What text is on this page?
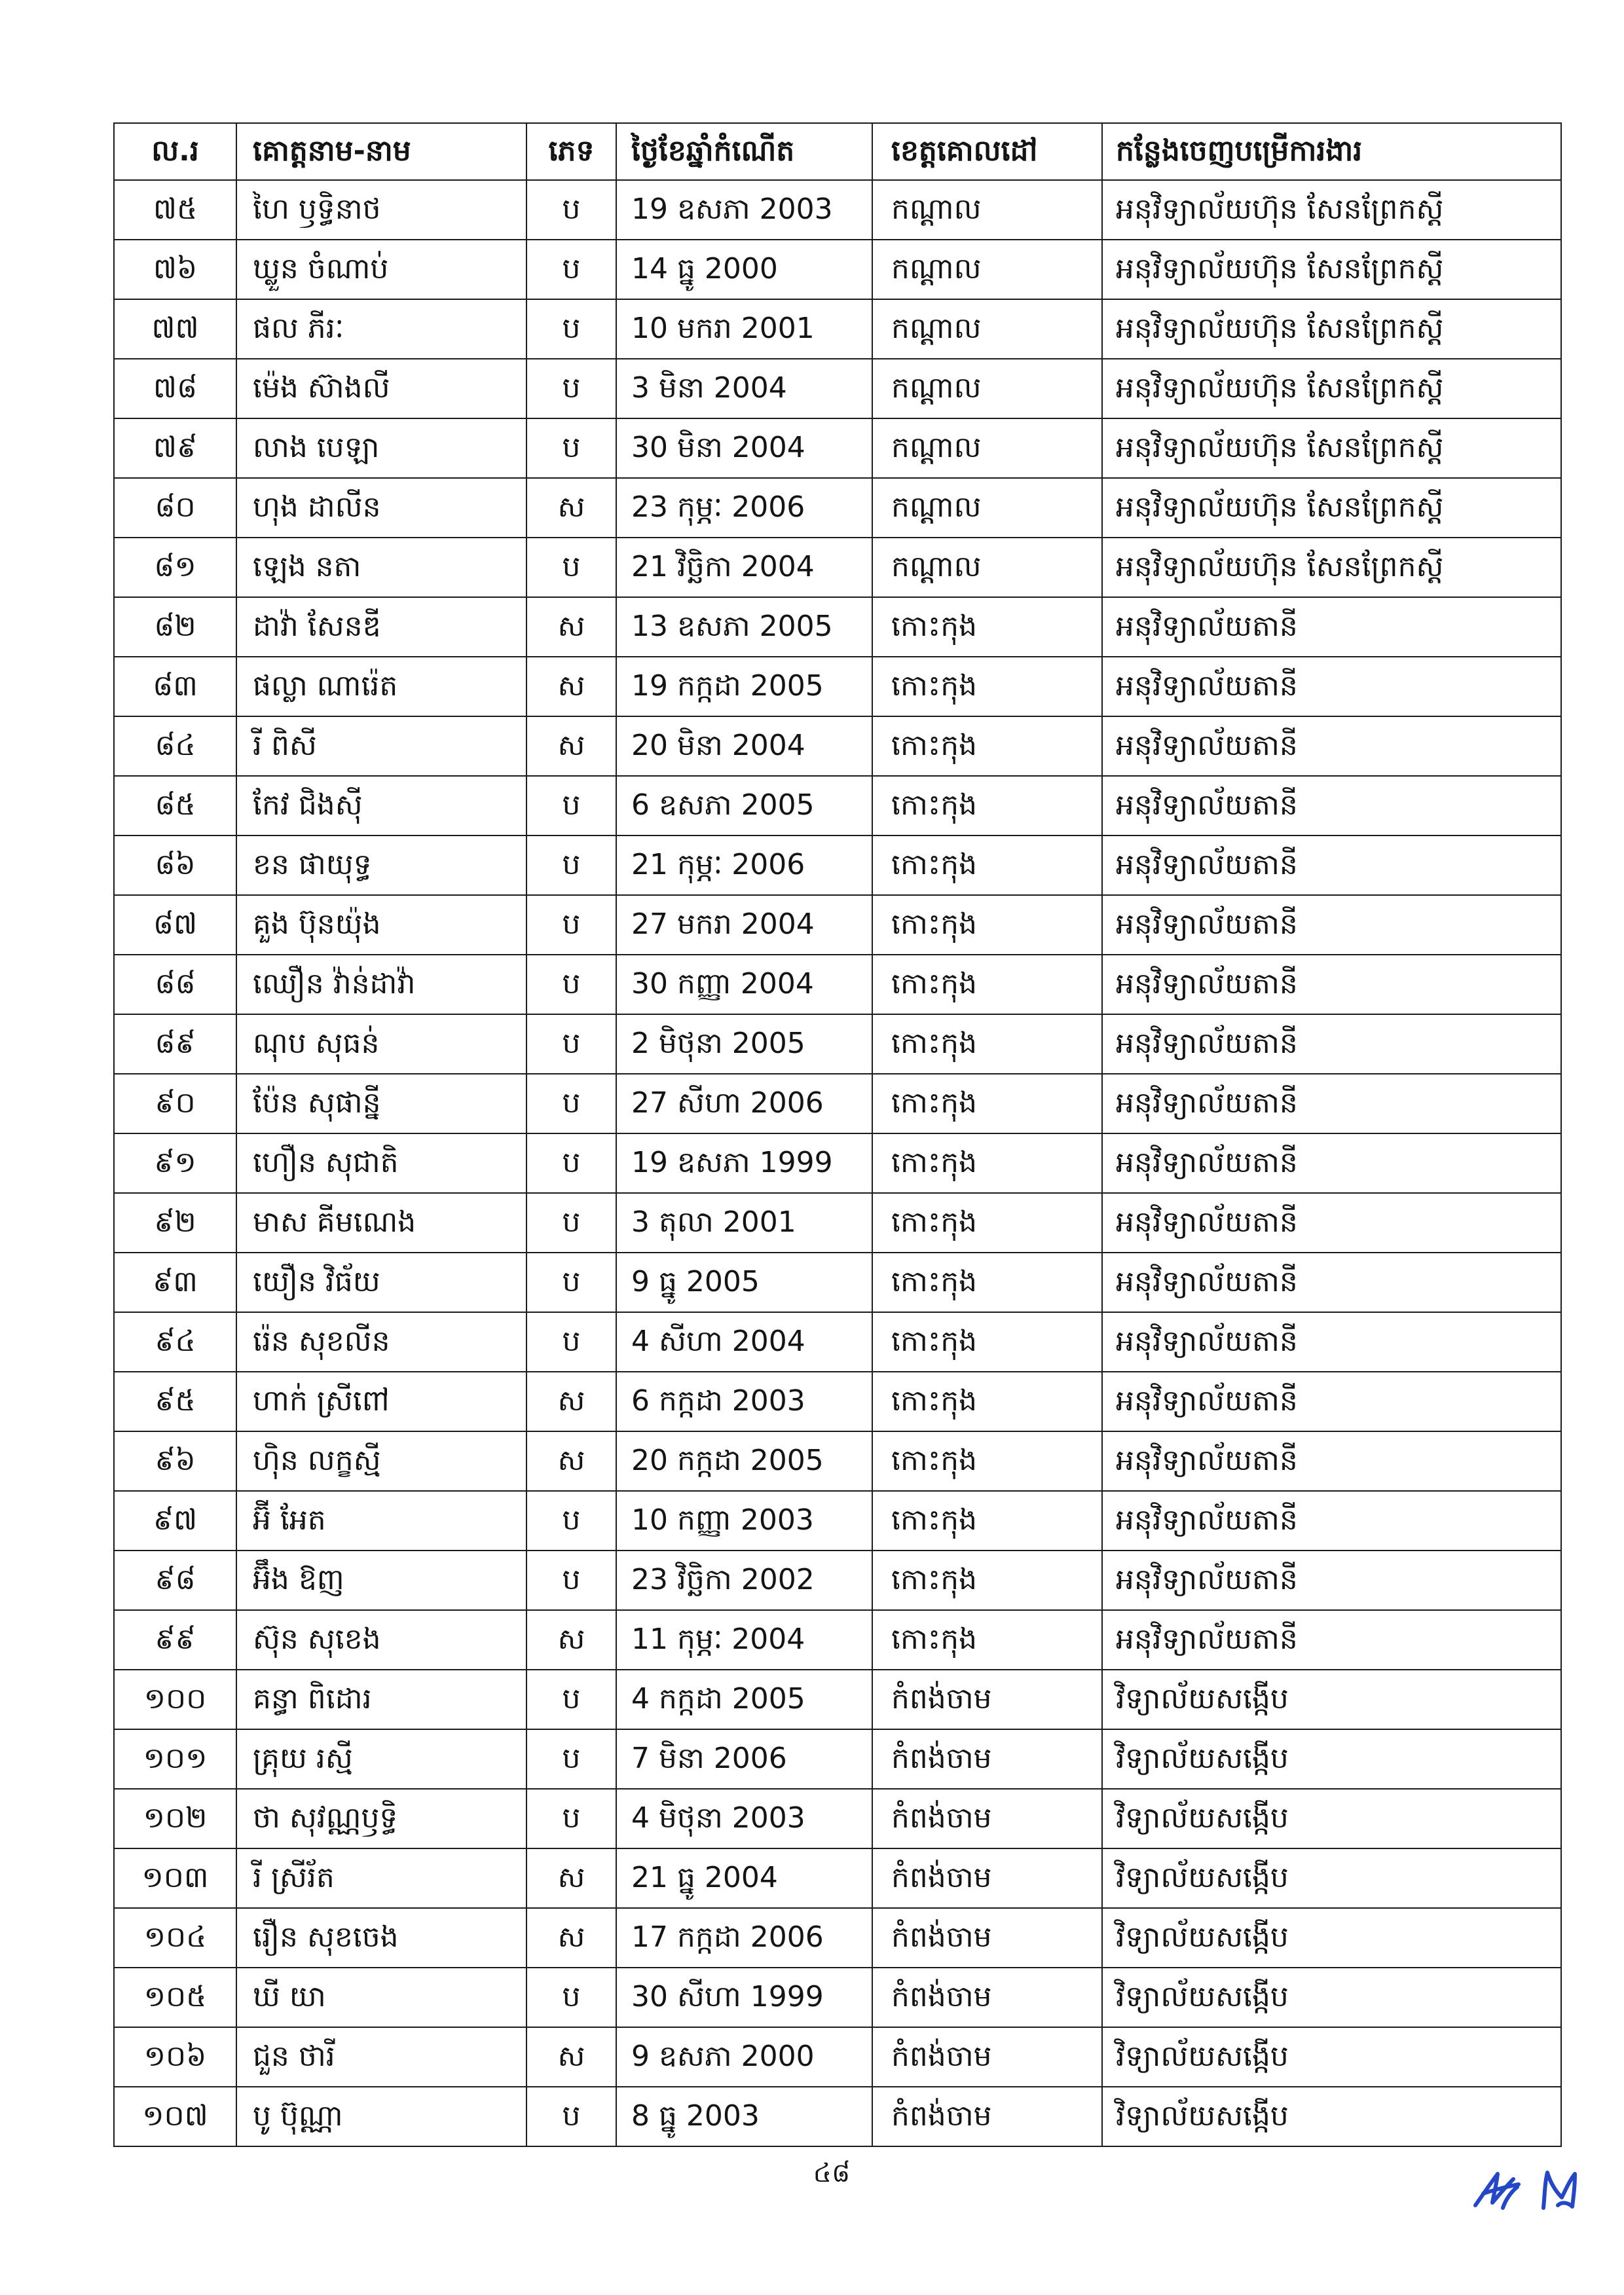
ល.រ	គោត្តនាម-នាម	ភេទ	ថ្ងៃខែឆ្នាំកំណើត	ខេត្តគោលដៅ	កន្លែងចេញបម្រើការងារ
៧៥	ហៃ ឫទ្ធិនាថ	ប	19 ឧសភា 2003	កណ្ដាល	អនុវិទ្យាល័យហ៊ុន សែនព្រែកស្តី
៧៦	ឃ្លួន ចំណាប់	ប	14 ធ្នូ 2000	កណ្ដាល	អនុវិទ្យាល័យហ៊ុន សែនព្រែកស្តី
៧៧	ផល ភីរៈ	ប	10 មករា 2001	កណ្ដាល	អនុវិទ្យាល័យហ៊ុន សែនព្រែកស្តី
៧៨	ម៉េង ស៊ាងលី	ប	3 មិនា 2004	កណ្ដាល	អនុវិទ្យាល័យហ៊ុន សែនព្រែកស្តី
៧៩	លាង បេឡា	ប	30 មិនា 2004	កណ្ដាល	អនុវិទ្យាល័យហ៊ុន សែនព្រែកស្តី
៨០	ហុង ដាលីន	ស	23 កុម្ភៈ 2006	កណ្ដាល	អនុវិទ្យាល័យហ៊ុន សែនព្រែកស្តី
៨១	ឡេង នតា	ប	21 វិច្ឆិកា 2004	កណ្ដាល	អនុវិទ្យាល័យហ៊ុន សែនព្រែកស្តី
៨២	ដាវ៉ា សែនឌី	ស	13 ឧសភា 2005	កោះកុង	អនុវិទ្យាល័យតានី
៨៣	ផល្លា ណារ៉េត	ស	19 កក្កដា 2005	កោះកុង	អនុវិទ្យាល័យតានី
៨៤	រី ពិសី	ស	20 មិនា 2004	កោះកុង	អនុវិទ្យាល័យតានី
៨៥	កែវ ជិងស៊ី	ប	6 ឧសភា 2005	កោះកុង	អនុវិទ្យាល័យតានី
៨៦	ខន ផាយុទ្ធ	ប	21 កុម្ភៈ 2006	កោះកុង	អនុវិទ្យាល័យតានី
៨៧	គួង ប៊ុនយ៉ុង	ប	27 មករា 2004	កោះកុង	អនុវិទ្យាល័យតានី
៨៨	ឈឿន វ៉ាន់ដាវ៉ា	ប	30 កញ្ញា 2004	កោះកុង	អនុវិទ្យាល័យតានី
៨៩	ណុប សុធន់	ប	2 មិថុនា 2005	កោះកុង	អនុវិទ្យាល័យតានី
៩០	ប៉ែន សុផាន្នី	ប	27 សីហា 2006	កោះកុង	អនុវិទ្យាល័យតានី
៩១	ហឿន សុជាតិ	ប	19 ឧសភា 1999	កោះកុង	អនុវិទ្យាល័យតានី
៩២	មាស គីមណេង	ប	3 តុលា 2001	កោះកុង	អនុវិទ្យាល័យតានី
៩៣	យឿន វិធ័យ	ប	9 ធ្នូ 2005	កោះកុង	អនុវិទ្យាល័យតានី
៩៤	រ៉េន សុខលីន	ប	4 សីហា 2004	កោះកុង	អនុវិទ្យាល័យតានី
៩៥	ហាក់ ស្រីពៅ	ស	6 កក្កដា 2003	កោះកុង	អនុវិទ្យាល័យតានី
៩៦	ហ៊ិន លក្ខស្មី	ស	20 កក្កដា 2005	កោះកុង	អនុវិទ្យាល័យតានី
៩៧	អ៊ី អែត	ប	10 កញ្ញា 2003	កោះកុង	អនុវិទ្យាល័យតានី
៩៨	អ៊ឹង ឱញ	ប	23 វិច្ឆិកា 2002	កោះកុង	អនុវិទ្យាល័យតានី
៩៩	ស៊ុន សុខេង	ស	11 កុម្ភៈ 2004	កោះកុង	អនុវិទ្យាល័យតានី
១០០	គន្ធា ពិដោរ	ប	4 កក្កដា 2005	កំពង់ចាម	វិទ្យាល័យសង្កើប
១០១	គ្រុយ រស្មី	ប	7 មិនា 2006	កំពង់ចាម	វិទ្យាល័យសង្កើប
១០២	ថា សុវណ្ណឫទ្ធិ	ប	4 មិថុនា 2003	កំពង់ចាម	វិទ្យាល័យសង្កើប
១០៣	រី ស្រីរ័ត	ស	21 ធ្នូ 2004	កំពង់ចាម	វិទ្យាល័យសង្កើប
១០៤	រឿន សុខចេង	ស	17 កក្កដា 2006	កំពង់ចាម	វិទ្យាល័យសង្កើប
១០៥	ឃី យា	ប	30 សីហា 1999	កំពង់ចាម	វិទ្យាល័យសង្កើប
១០៦	ជួន ថារី	ស	9 ឧសភា 2000	កំពង់ចាម	វិទ្យាល័យសង្កើប
១០៧	បូ ប៊ុណ្ណា	ប	8 ធ្នូ 2003	កំពង់ចាម	វិទ្យាល័យសង្កើប
៤៨
